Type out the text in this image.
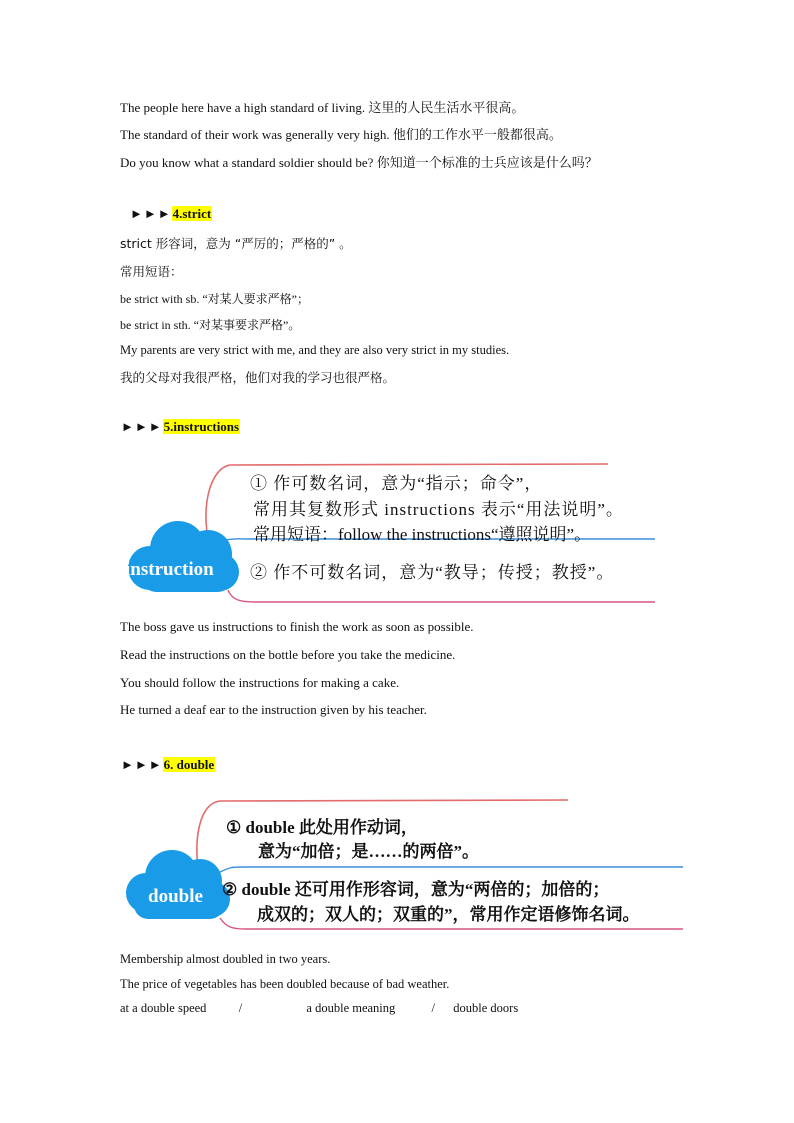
The people here have a high standard of living. 这里的人民生活水平很高。
The standard of their work was generally very high. 他们的工作水平一般都很高。
Do you know what a standard soldier should be? 你知道一个标准的士兵应该是什么吗？
►►►4.strict
strict 形容词，意为 “严厉的；严格的” 。
常用短语：
be strict with sb. “对某人要求严格”；
be strict in sth. “对某事要求严格”。
My parents are very strict with me, and they are also very strict in my studies.
我的父母对我很严格，他们对我的学习也很严格。
►►►5.instructions
instruction
① 作可数名词，意为“指示；命令”，
常用其复数形式 instructions 表示“用法说明”。
常用短语：follow the instructions“遵照说明”。
② 作不可数名词，意为“教导；传授；教授”。
The boss gave us instructions to finish the work as soon as possible.
Read the instructions on the bottle before you take the medicine.
You should follow the instructions for making a cake.
He turned a deaf ear to the instruction given by his teacher.
►►►6. double
double
① double 此处用作动词，
意为“加倍；是……的两倍”。
② double 还可用作形容词，意为“两倍的；加倍的；
成双的；双人的；双重的”，常用作定语修饰名词。
Membership almost doubled in two years.
The price of vegetables has been doubled because of bad weather.
at a double speed	/	a double meaning	/ double doors
